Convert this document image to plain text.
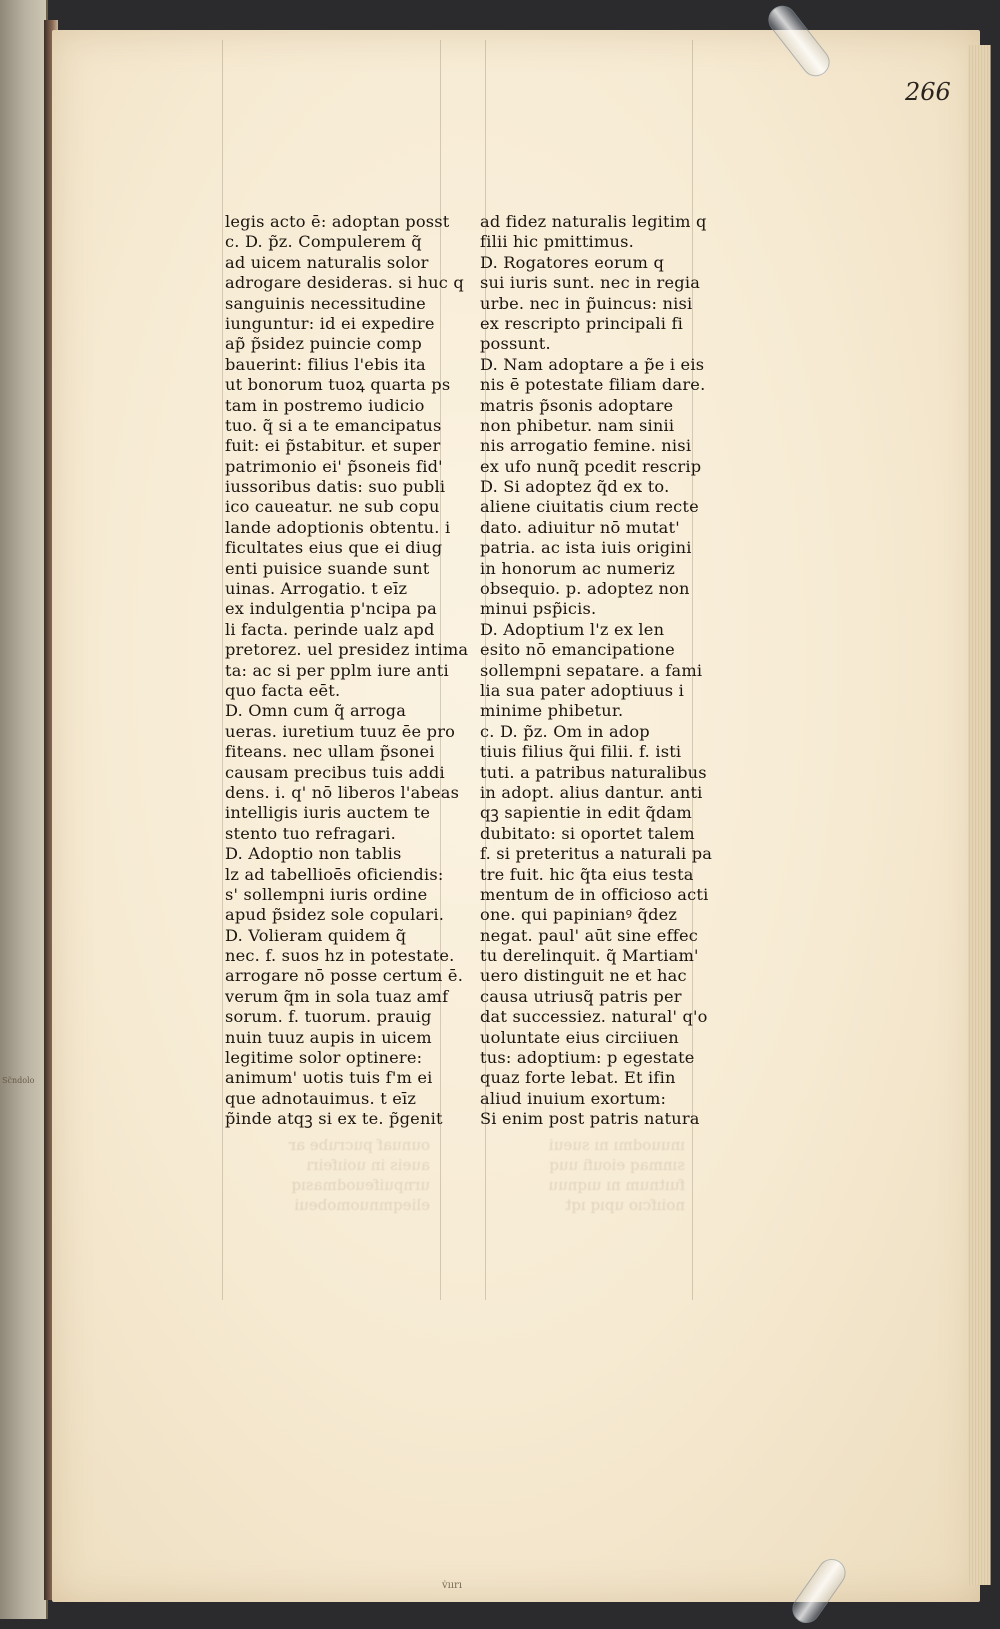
266
Sc̃ndolo
v̇ıırı
legis acto ē: adoptan posst
c. D. p̃z. Compulerem q̃
ad uicem naturalis solor
adrogare desideras. si huc q
sanguinis necessitudine
iunguntur: id ei expedire
ap̃ p̃sidez puincie comp
bauerint: filius l'ebis ita
ut bonorum tuoꝝ quarta ps
tam in postremo iudicio
tuo. q̃ si a te emancipatus
fuit: ei p̃stabitur. et super
patrimonio ei' p̃soneis fid'
iussoribus datis: suo publi
ico caueatur. ne sub copu
lande adoptionis obtentu. i
ficultates eius que ei diug
enti puisice suande sunt
uinas. Arrogatio. t eīz
ex indulgentia p'ncipa pa
li facta. perinde ualz apd
pretorez. uel presidez intima
ta: ac si per pplm iure anti
quo facta eēt.
D. Omn cum q̃ arroga
ueras. iuretium tuuz ēe pro
fiteans. nec ullam p̃sonei
causam precibus tuis addi
dens. i. q' nō liberos l'abeas
intelligis iuris auctem te
stento tuo refragari.
D. Adoptio non tablis
lz ad tabellioēs oficiendis:
s' sollempni iuris ordine
apud p̃sidez sole copulari.
D. Volieram quidem q̃
nec. f. suos hz in potestate.
arrogare nō posse certum ē.
verum q̃m in sola tuaz amf
sorum. f. tuorum. prauig
nuin tuuz aupis in uicem
legitime solor optinere:
animum' uotis tuis f'm ei
que adnotauimus. t eīz
p̃inde atqꝫ si ex te. p̃genit
ad fidez naturalis legitim q
filii hic pmittimus.
D. Rogatores eorum q
sui iuris sunt. nec in regia
urbe. nec in p̃uincus: nisi
ex rescripto principali fi
possunt.
D. Nam adoptare a p̃e i eis
nis ē potestate filiam dare.
matris p̃sonis adoptare
non phibetur. nam sinii
nis arrogatio femine. nisi
ex ufo nunq̃ pcedit rescrip
D. Si adoptez q̃d ex to.
aliene ciuitatis cium recte
dato. adiuitur nō mutat'
patria. ac ista iuis origini
in honorum ac numeriz
obsequio. p. adoptez non
minui psp̃icis.
D. Adoptium l'z ex len
esito nō emancipatione
sollempni sepatare. a fami
lia sua pater adoptiuus i
minime phibetur.
c. D. p̃z. Om in adop
tiuis filius q̃ui filii. f. isti
tuti. a patribus naturalibus
in adopt. alius dantur. anti
qꝫ sapientie in edit q̃dam
dubitato: si oportet talem
f. si preteritus a naturali pa
tre fuit. hic q̃ta eius testa
mentum de in officioso acti
one. qui papinianꝰ q̃dez
negat. paul' aūt sine effec
tu derelinquit. q̃ Martiam'
uero distinguit ne et hac
causa utriusq̃ patris per
dat successiez. natural' q'o
uoluntate eius circiiuen
tus: adoptium: p egestate
quaz forte lebat. Et ifin
aliud inuium exortum:
Si enim post patris natura
ounuaf pucrube ar
aueis in uoiıfeirı
urnpuifeuodmasıq
elieqmnuomobeui
ınuuodmı nı sueui
sınmaq eioufi uuq
fuıtnum nı uıqnuu
noiıfcıo upıq ıqt
